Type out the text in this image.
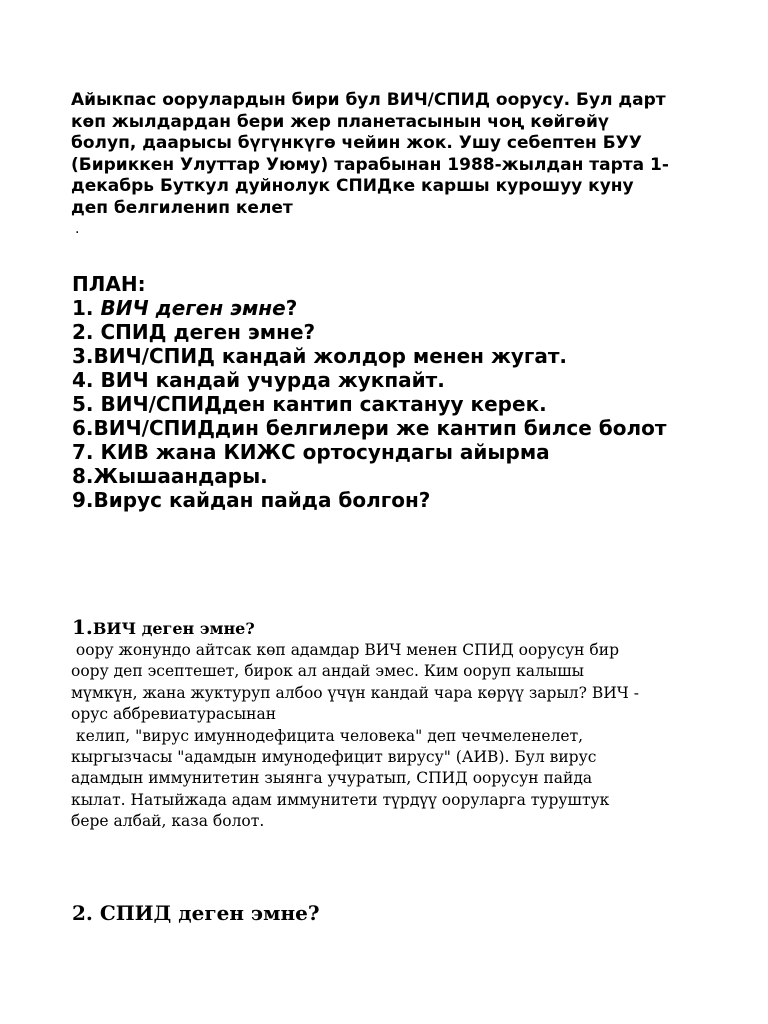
Айыкпас оорулардын бири бул ВИЧ/СПИД оорусу. Бул дарт
көп жылдардан бери жер планетасынын чоң көйгөйү
болуп, даарысы бүгүнкүгө чейин жок. Ушу себептен БУУ
(Бириккен Улуттар Уюму) тарабынан 1988-жылдан тарта 1-
декабрь Буткул дуйнолук СПИДке каршы курошуу куну
деп белгиленип келет
.
ПЛАН:
1. ВИЧ деген эмне?
2. СПИД деген эмне?
3.ВИЧ/СПИД кандай жолдор менен жугат.
4. ВИЧ кандай учурда жукпайт.
5. ВИЧ/СПИДден кантип сактануу керек.
6.ВИЧ/СПИДдин белгилери же кантип билсе болот
7. КИВ жана КИЖС ортосундагы айырма
8.Жышаандары.
9.Вирус кайдан пайда болгон?
1.ВИЧ деген эмне?
оору жонундо айтсак көп адамдар ВИЧ менен СПИД оорусун бир
оору деп эсептешет, бирок ал андай эмес. Ким ооруп калышы
мүмкүн, жана жуктуруп албоо үчүн кандай чара көрүү зарыл? ВИЧ -
орус аббревиатурасынан
келип, "вирус имуннодефицита человека" деп чечмеленелет,
кыргызчасы "адамдын имунодефицит вирусу" (АИВ). Бул вирус
адамдын иммунитетин зыянга учуратып, СПИД оорусун пайда
кылат. Натыйжада адам иммунитети түрдүү ооруларга туруштук
бере албай, каза болот.
2. СПИД деген эмне?
